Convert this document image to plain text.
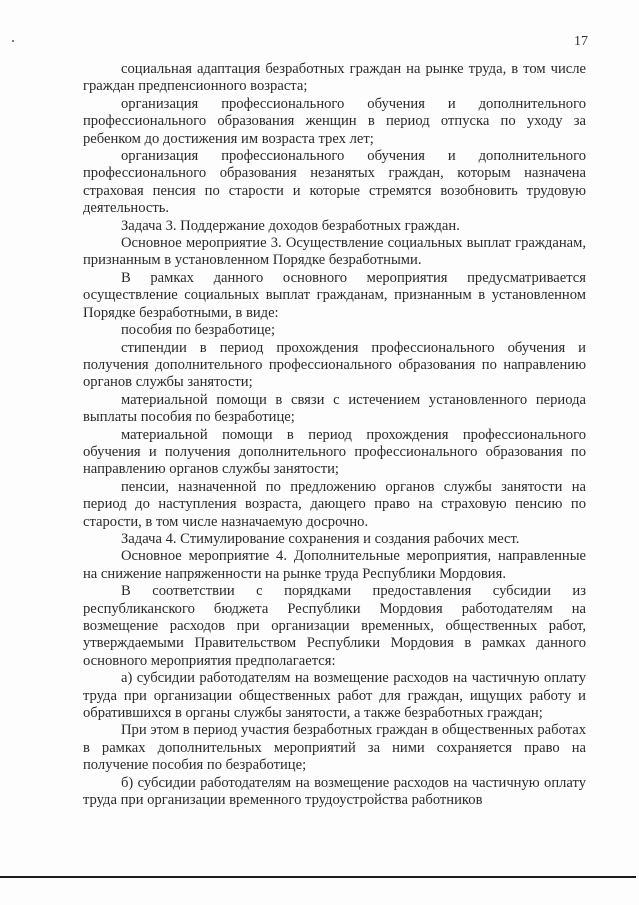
17

социальная адаптация безработных граждан на рынке труда, в том числе граждан предпенсионного возраста;

организация профессионального обучения и дополнительного профессионального образования женщин в период отпуска по уходу за ребенком до достижения им возраста трех лет;

организация профессионального обучения и дополнительного профессионального образования незанятых граждан, которым назначена страховая пенсия по старости и которые стремятся возобновить трудовую деятельность.

Задача 3. Поддержание доходов безработных граждан.

Основное мероприятие 3. Осуществление социальных выплат гражданам, признанным в установленном Порядке безработными.

В рамках данного основного мероприятия предусматривается осуществление социальных выплат гражданам, признанным в установленном Порядке безработными, в виде:

пособия по безработице;

стипендии в период прохождения профессионального обучения и получения дополнительного профессионального образования по направлению органов службы занятости;

материальной помощи в связи с истечением установленного периода выплаты пособия по безработице;

материальной помощи в период прохождения профессионального обучения и получения дополнительного профессионального образования по направлению органов службы занятости;

пенсии, назначенной по предложению органов службы занятости на период до наступления возраста, дающего право на страховую пенсию по старости, в том числе назначаемую досрочно.

Задача 4. Стимулирование сохранения и создания рабочих мест.

Основное мероприятие 4. Дополнительные мероприятия, направленные на снижение напряженности на рынке труда Республики Мордовия.

В соответствии с порядками предоставления субсидии из республиканского бюджета Республики Мордовия работодателям на возмещение расходов при организации временных, общественных работ, утверждаемыми Правительством Республики Мордовия в рамках данного основного мероприятия предполагается:

а) субсидии работодателям на возмещение расходов на частичную оплату труда при организации общественных работ для граждан, ищущих работу и обратившихся в органы службы занятости, а также безработных граждан;

При этом в период участия безработных граждан в общественных работах в рамках дополнительных мероприятий за ними сохраняется право на получение пособия по безработице;

б) субсидии работодателям на возмещение расходов на частичную оплату труда при организации временного трудоустройства работников
